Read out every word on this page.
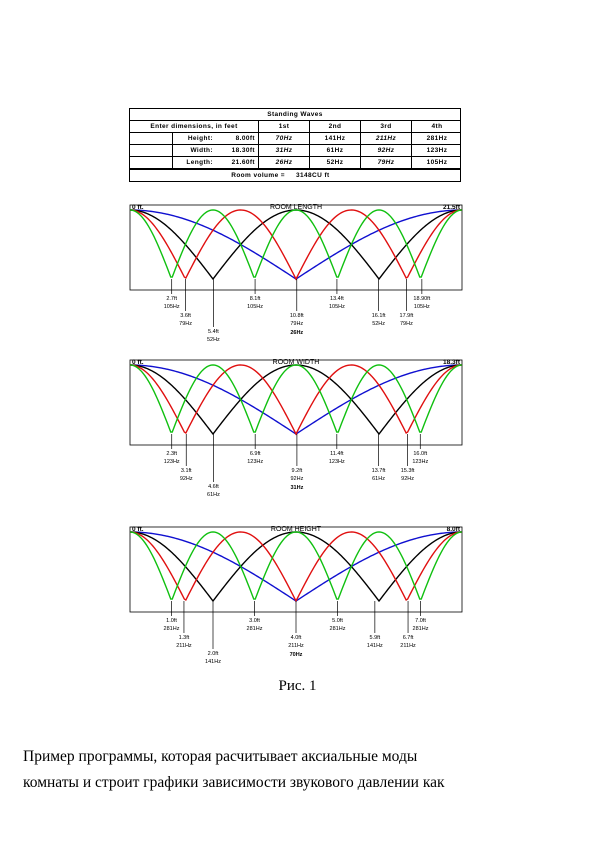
Standing Waves
Enter dimensions, in feet	1st	2nd	3rd	4th
Height:	8.00ft	70Hz	141Hz	211Hz	281Hz
Width:	18.30ft	31Hz	61Hz	92Hz	123Hz
Length:	21.60ft	26Hz	52Hz	79Hz	105Hz
Room volume =	3148CU ft
0 ft.	ROOM LENGTH	21.5ft
2.7ft
105Hz
3.6ft
79Hz
5.4ft
52Hz
8.1ft
105Hz
10.8ft
79Hz
26Hz
13.4ft
105Hz
16.1ft
52Hz
17.9ft
79Hz
18.90ft
105Hz
0 ft.	ROOM WIDTH	18.3ft
2.3ft
123Hz
3.1ft
92Hz
4.6ft
61Hz
6.9ft
123Hz
9.2ft
92Hz
31Hz
11.4ft
123Hz
13.7ft
61Hz
15.3ft
92Hz
16.0ft
123Hz
0 ft.	ROOM HEIGHT	8.0ft
1.0ft
281Hz
1.3ft
211Hz
2.0ft
141Hz
3.0ft
281Hz
4.0ft
211Hz
70Hz
5.0ft
281Hz
5.9ft
141Hz
6.7ft
211Hz
7.0ft
281Hz
Рис. 1
Пример программы, которая расчитывает аксиальные моды
комнаты и строит графики зависимости звукового давлении как
